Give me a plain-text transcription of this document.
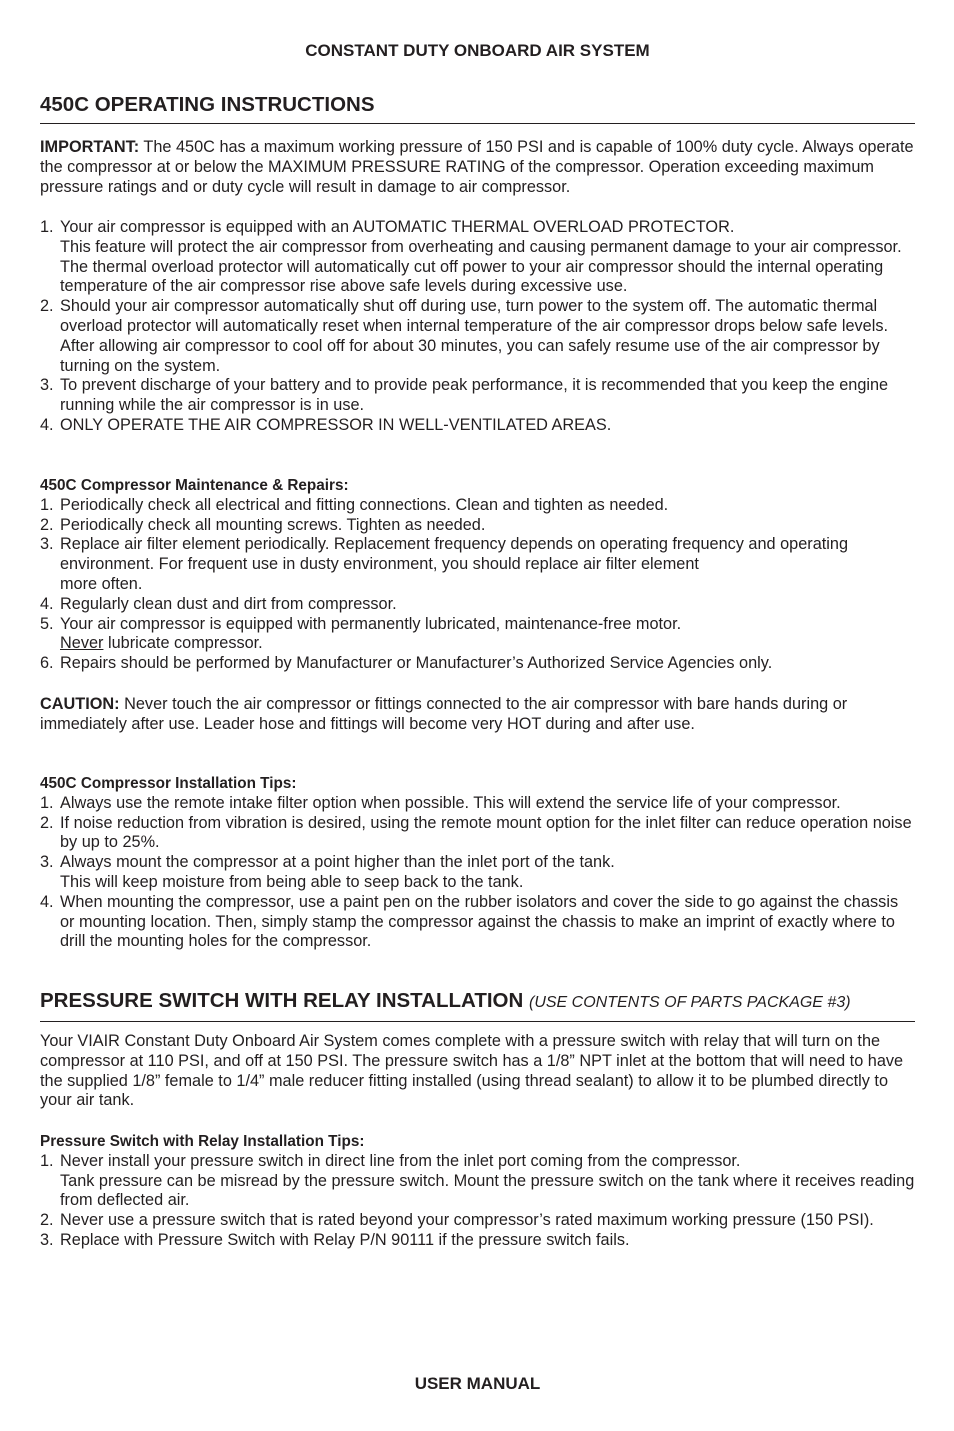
CONSTANT DUTY ONBOARD AIR SYSTEM
450C OPERATING INSTRUCTIONS

IMPORTANT: The 450C has a maximum working pressure of 150 PSI and is capable of 100% duty cycle. Always operate the compressor at or below the MAXIMUM PRESSURE RATING of the compressor. Operation exceeding maximum pressure ratings and or duty cycle will result in damage to air compressor.

1. Your air compressor is equipped with an AUTOMATIC THERMAL OVERLOAD PROTECTOR.
This feature will protect the air compressor from overheating and causing permanent damage to your air compressor. The thermal overload protector will automatically cut off power to your air compressor should the internal operating temperature of the air compressor rise above safe levels during excessive use.
2. Should your air compressor automatically shut off during use, turn power to the system off. The automatic thermal overload protector will automatically reset when internal temperature of the air compressor drops below safe levels. After allowing air compressor to cool off for about 30 minutes, you can safely resume use of the air compressor by turning on the system.
3. To prevent discharge of your battery and to provide peak performance, it is recommended that you keep the engine running while the air compressor is in use.
4. ONLY OPERATE THE AIR COMPRESSOR IN WELL-VENTILATED AREAS.
450C Compressor Maintenance & Repairs:
1. Periodically check all electrical and fitting connections. Clean and tighten as needed.
2. Periodically check all mounting screws. Tighten as needed.
3. Replace air filter element periodically. Replacement frequency depends on operating frequency and operating environment. For frequent use in dusty environment, you should replace air filter element
more often.
4. Regularly clean dust and dirt from compressor.
5. Your air compressor is equipped with permanently lubricated, maintenance-free motor.
Never lubricate compressor.
6. Repairs should be performed by Manufacturer or Manufacturer’s Authorized Service Agencies only.

CAUTION: Never touch the air compressor or fittings connected to the air compressor with bare hands during or immediately after use. Leader hose and fittings will become very HOT during and after use.

450C Compressor Installation Tips:
1. Always use the remote intake filter option when possible. This will extend the service life of your compressor.
2. If noise reduction from vibration is desired, using the remote mount option for the inlet filter can reduce operation noise by up to 25%.
3. Always mount the compressor at a point higher than the inlet port of the tank.
This will keep moisture from being able to seep back to the tank.
4. When mounting the compressor, use a paint pen on the rubber isolators and cover the side to go against the chassis or mounting location. Then, simply stamp the compressor against the chassis to make an imprint of exactly where to drill the mounting holes for the compressor.
PRESSURE SWITCH WITH RELAY INSTALLATION (USE CONTENTS OF PARTS PACKAGE #3)

Your VIAIR Constant Duty Onboard Air System comes complete with a pressure switch with relay that will turn on the compressor at 110 PSI, and off at 150 PSI. The pressure switch has a 1/8” NPT inlet at the bottom that will need to have the supplied 1/8” female to 1/4” male reducer fitting installed (using thread sealant) to allow it to be plumbed directly to your air tank.

Pressure Switch with Relay Installation Tips:
1. Never install your pressure switch in direct line from the inlet port coming from the compressor.
Tank pressure can be misread by the pressure switch. Mount the pressure switch on the tank where it receives reading from deflected air.
2. Never use a pressure switch that is rated beyond your compressor’s rated maximum working pressure (150 PSI).
3. Replace with Pressure Switch with Relay P/N 90111 if the pressure switch fails.
USER MANUAL
